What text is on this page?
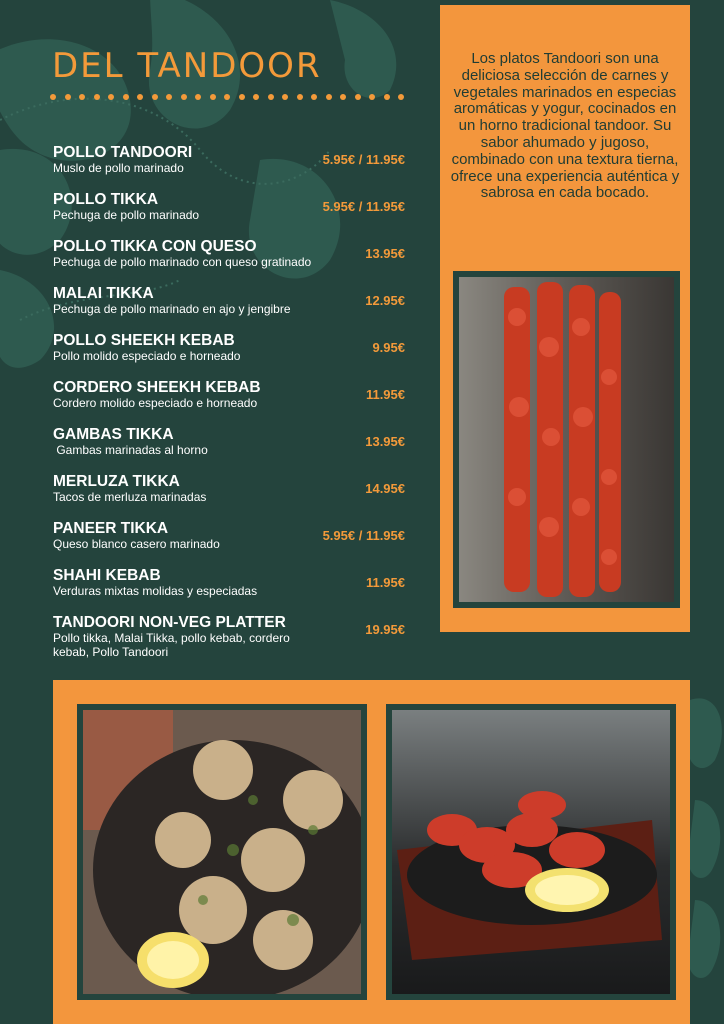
DEL TANDOOR
POLLO TANDOORI
Muslo de pollo marinado
5.95€ / 11.95€
POLLO TIKKA
Pechuga de pollo marinado
5.95€ / 11.95€
POLLO TIKKA CON QUESO
Pechuga de pollo marinado con queso gratinado
13.95€
MALAI TIKKA
Pechuga de pollo marinado en ajo y jengibre
12.95€
POLLO SHEEKH KEBAB
Pollo molido especiado e horneado
9.95€
CORDERO SHEEKH KEBAB
Cordero molido especiado e horneado
11.95€
GAMBAS TIKKA
Gambas marinadas al horno
13.95€
MERLUZA TIKKA
Tacos de merluza marinadas
14.95€
PANEER TIKKA
Queso blanco casero marinado
5.95€ / 11.95€
SHAHI KEBAB
Verduras mixtas molidas y especiadas
11.95€
TANDOORI NON-VEG PLATTER
Pollo tikka, Malai Tikka, pollo kebab, cordero
kebab, Pollo Tandoori
19.95€

Los platos Tandoori son una deliciosa selección de carnes y vegetales marinados en especias aromáticas y yogur, cocinados en un horno tradicional tandoor. Su sabor ahumado y jugoso, combinado con una textura tierna, ofrece una experiencia auténtica y sabrosa en cada bocado.
